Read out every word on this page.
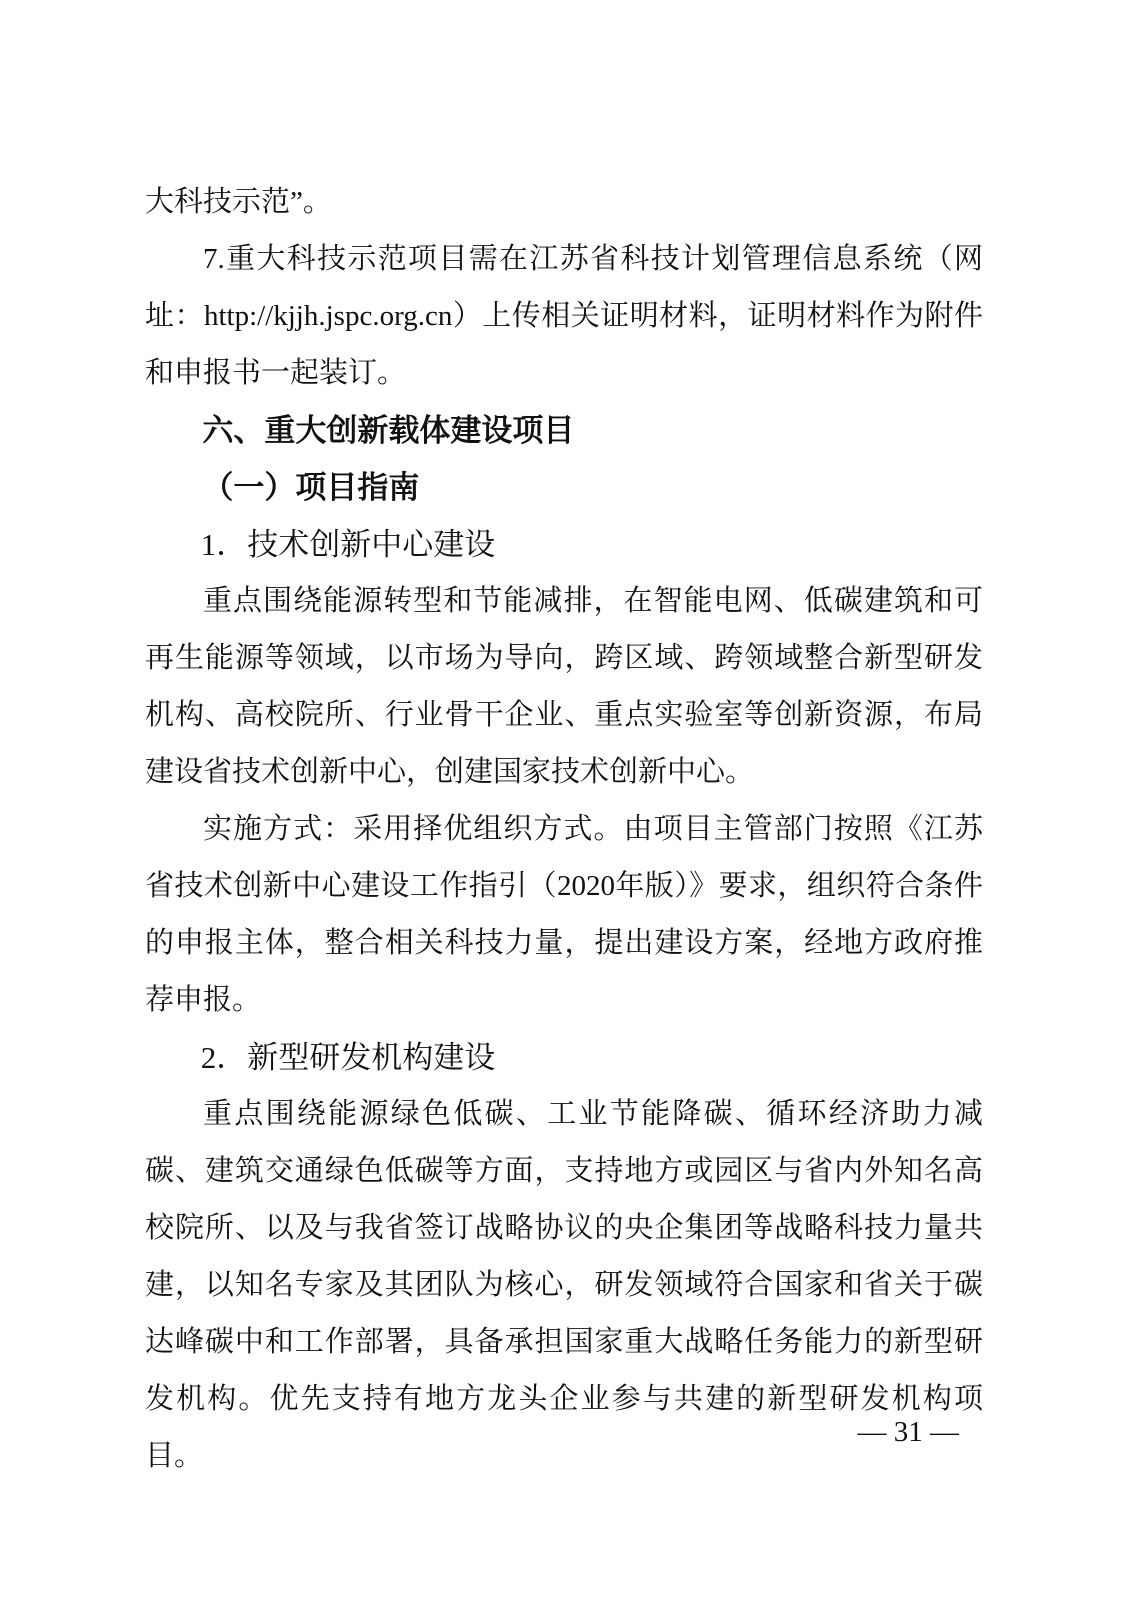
大科技示范”。

7.重大科技示范项目需在江苏省科技计划管理信息系统（网址：http://kjjh.jspc.org.cn）上传相关证明材料，证明材料作为附件和申报书一起装订。

六、重大创新载体建设项目

（一）项目指南

1．技术创新中心建设

重点围绕能源转型和节能减排，在智能电网、低碳建筑和可再生能源等领域，以市场为导向，跨区域、跨领域整合新型研发机构、高校院所、行业骨干企业、重点实验室等创新资源，布局建设省技术创新中心，创建国家技术创新中心。

实施方式：采用择优组织方式。由项目主管部门按照《江苏省技术创新中心建设工作指引（2020年版）》要求，组织符合条件的申报主体，整合相关科技力量，提出建设方案，经地方政府推荐申报。

2．新型研发机构建设

重点围绕能源绿色低碳、工业节能降碳、循环经济助力减碳、建筑交通绿色低碳等方面，支持地方或园区与省内外知名高校院所、以及与我省签订战略协议的央企集团等战略科技力量共建，以知名专家及其团队为核心，研发领域符合国家和省关于碳达峰碳中和工作部署，具备承担国家重大战略任务能力的新型研发机构。优先支持有地方龙头企业参与共建的新型研发机构项目。

— 31 —
